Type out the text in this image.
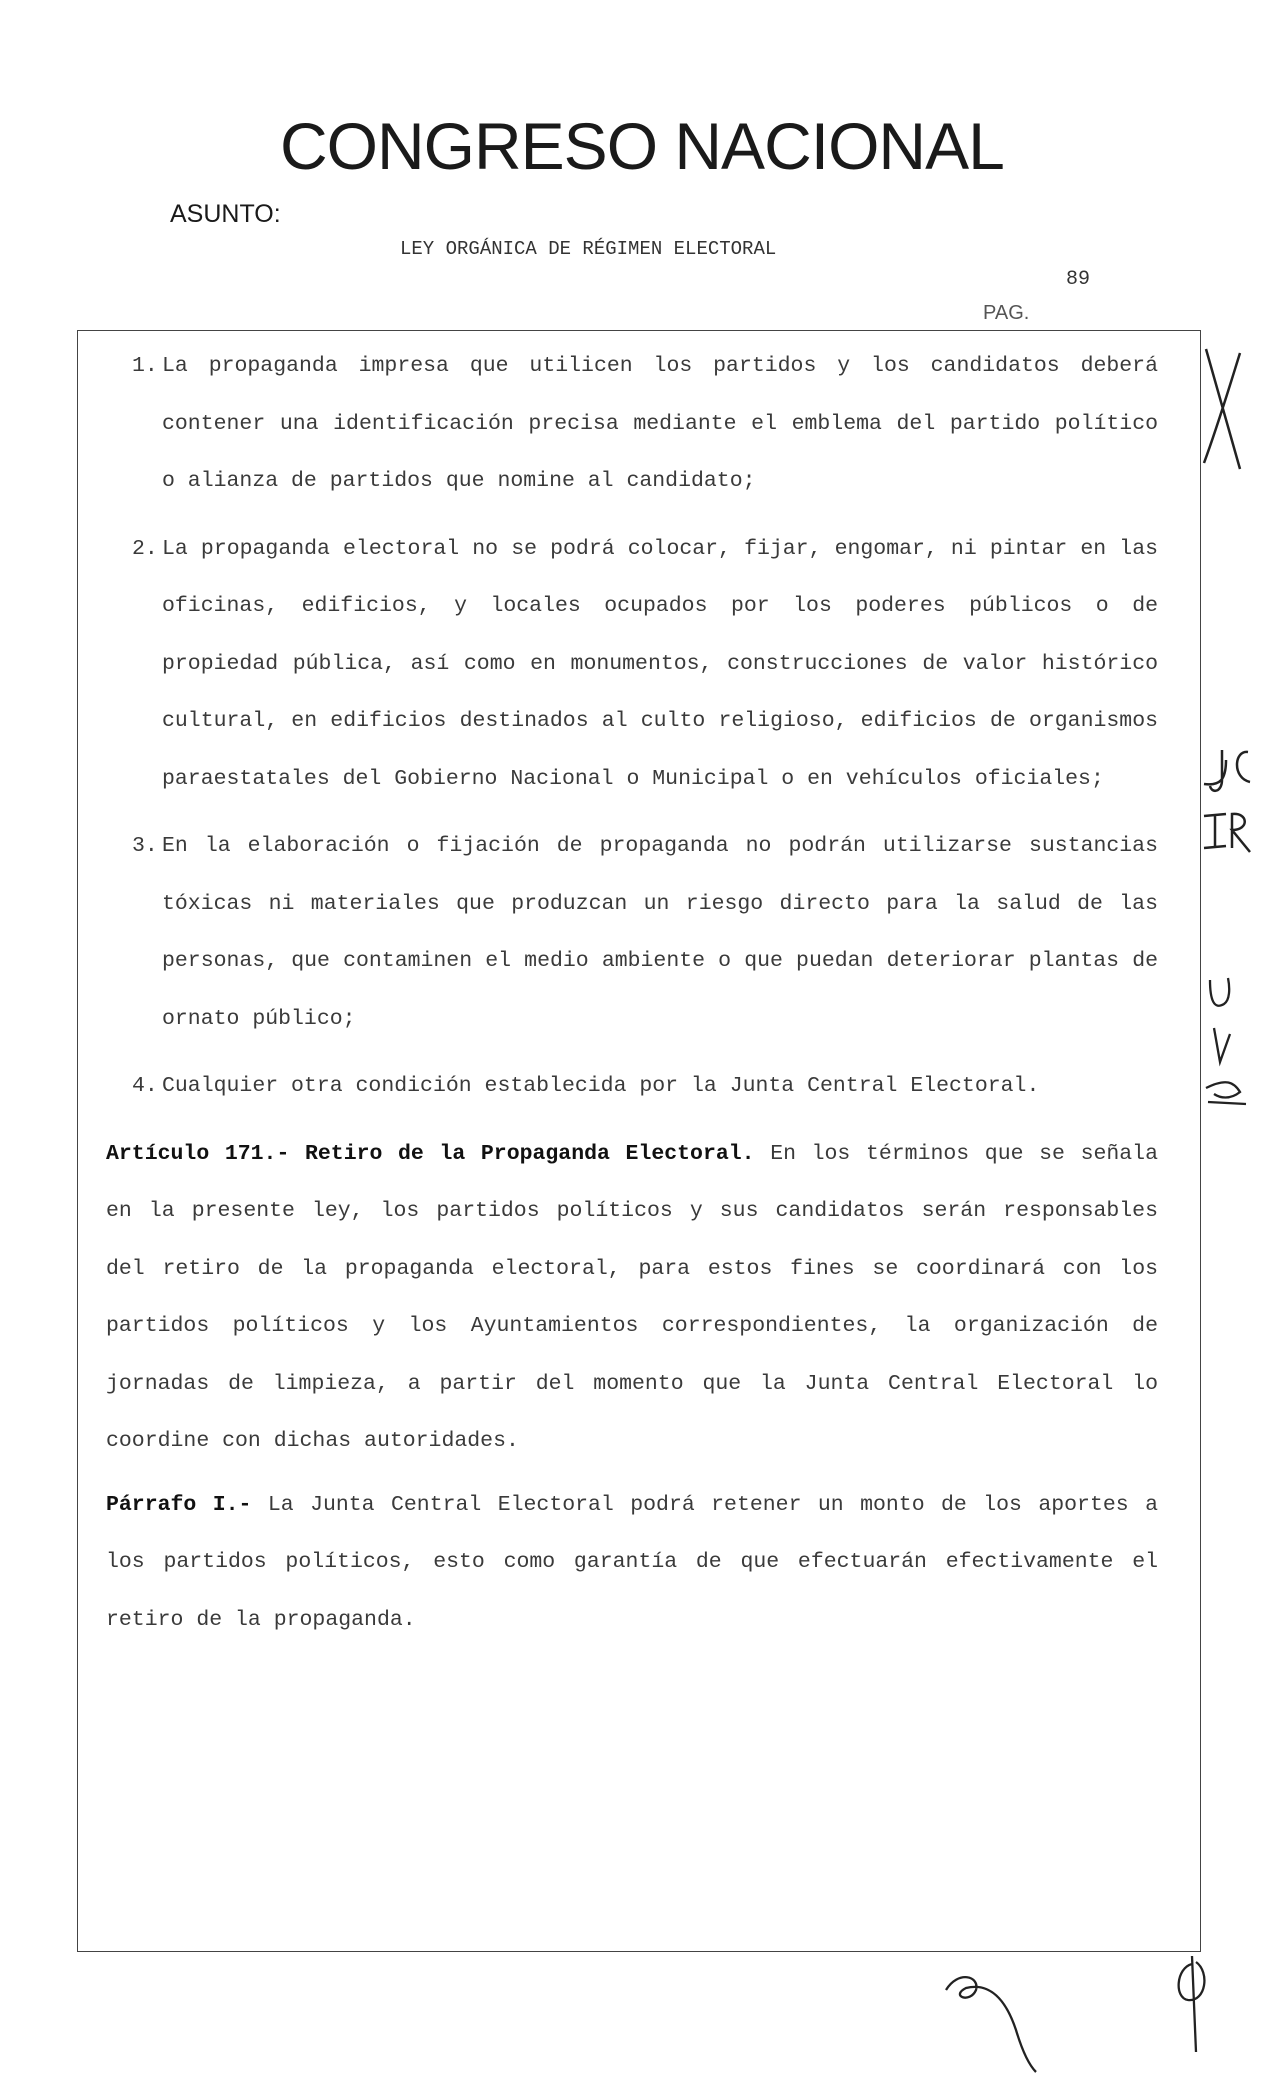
CONGRESO NACIONAL
ASUNTO:
LEY ORGÁNICA DE RÉGIMEN ELECTORAL
89
PAG.
1. La propaganda impresa que utilicen los partidos y los candidatos deberá contener una identificación precisa mediante el emblema del partido político o alianza de partidos que nomine al candidato;
2. La propaganda electoral no se podrá colocar, fijar, engomar, ni pintar en las oficinas, edificios, y locales ocupados por los poderes públicos o de propiedad pública, así como en monumentos, construcciones de valor histórico cultural, en edificios destinados al culto religioso, edificios de organismos paraestatales del Gobierno Nacional o Municipal o en vehículos oficiales;
3. En la elaboración o fijación de propaganda no podrán utilizarse sustancias tóxicas ni materiales que produzcan un riesgo directo para la salud de las personas, que contaminen el medio ambiente o que puedan deteriorar plantas de ornato público;
4. Cualquier otra condición establecida por la Junta Central Electoral.
Artículo 171.- Retiro de la Propaganda Electoral. En los términos que se señala en la presente ley, los partidos políticos y sus candidatos serán responsables del retiro de la propaganda electoral, para estos fines se coordinará con los partidos políticos y los Ayuntamientos correspondientes, la organización de jornadas de limpieza, a partir del momento que la Junta Central Electoral lo coordine con dichas autoridades.
Párrafo I.- La Junta Central Electoral podrá retener un monto de los aportes a los partidos políticos, esto como garantía de que efectuarán efectivamente el retiro de la propaganda.
